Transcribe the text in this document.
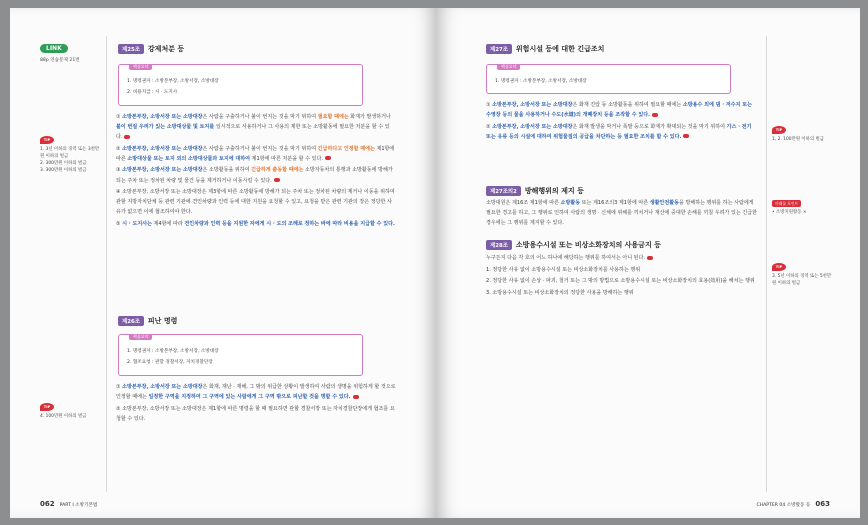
LINK
88p 연습문제 21번
TIP
1. 3년 이하의 징역 또는 3천만
원 이하의 벌금
2. 300만원 이하의 벌금
3. 300만원 이하의 벌금
TIP
4. 100만원 이하의 벌금
제25조	강제처분 등
핵심요약
1. 명령권자 : 소방본부장, 소방서장, 소방대장
2. 비용지급 : 시 · 도지사

① 소방본부장, 소방서장 또는 소방대장은 사람을 구출하거나 불이 번지는 것을 막기 위하여 필요할 때에는 화재가 발생하거나 불이 번질 우려가 있는 소방대상물 및 토지를 일시적으로 사용하거나 그 사용의 제한 또는 소방활동에 필요한 처분을 할 수 있다.

② 소방본부장, 소방서장 또는 소방대장은 사람을 구출하거나 불이 번지는 것을 막기 위하여 긴급하다고 인정할 때에는 제1항에 따른 소방대상물 또는 토지 외의 소방대상물과 토지에 대하여 제1항에 따른 처분을 할 수 있다.

③ 소방본부장, 소방서장 또는 소방대장은 소방활동을 위하여 긴급하게 출동할 때에는 소방자동차의 통행과 소방활동에 방해가 되는 주차 또는 정차된 차량 및 물건 등을 제거하거나 이동시킬 수 있다.

④ 소방본부장, 소방서장 또는 소방대장은 제3항에 따른 소방활동에 방해가 되는 주차 또는 정차된 차량의 제거나 이동을 위하여 관할 지방자치단체 등 관련 기관에 견인차량과 인력 등에 대한 지원을 요청할 수 있고, 요청을 받은 관련 기관의 장은 정당한 사유가 없으면 이에 협조하여야 한다.

⑤ 시 · 도지사는 제4항에 따라 견인차량과 인력 등을 지원한 자에게 시 · 도의 조례로 정하는 바에 따라 비용을 지급할 수 있다.

제26조	피난 명령
핵심요약
1. 명령권자 : 소방본부장, 소방서장, 소방대장
2. 협조요청 : 관할 경찰서장, 자치경찰단장

① 소방본부장, 소방서장 또는 소방대장은 화재, 재난 · 재해, 그 밖의 위급한 상황이 발생하여 사람의 생명을 위험하게 할 것으로 인정할 때에는 일정한 구역을 지정하여 그 구역에 있는 사람에게 그 구역 밖으로 피난할 것을 명할 수 있다.

② 소방본부장, 소방서장 또는 소방대장은 제1항에 따른 명령을 할 때 필요하면 관할 경찰서장 또는 자치경찰단장에게 협조를 요청할 수 있다.

062 PART Ⅰ 소방기본법
TIP
1, 2. 100만원 이하의 벌금
미래를 포인트
• 소방지원활동 ×
TIP
3. 5년 이하의 징역 또는 5천만
원 이하의 벌금
제27조	위험시설 등에 대한 긴급조치
핵심요약
1. 명령권자 : 소방본부장, 소방서장, 소방대장

① 소방본부장, 소방서장 또는 소방대장은 화재 진압 등 소방활동을 위하여 필요할 때에는 소방용수 외에 댐 · 저수지 또는 수영장 등의 물을 사용하거나 수도(水道)의 개폐장치 등을 조작할 수 있다.

② 소방본부장, 소방서장 또는 소방대장은 화재 발생을 막거나 폭발 등으로 화재가 확대되는 것을 막기 위하여 가스 · 전기 또는 유류 등의 시설에 대하여 위험물질의 공급을 차단하는 등 필요한 조치를 할 수 있다.

제27조의2	방해행위의 제지 등

소방대원은 제16조 제1항에 따른 소방활동 또는 제16조의3 제1항에 따른 생활안전활동을 방해하는 행위를 하는 사람에게 필요한 경고를 하고, 그 행위로 인하여 사람의 생명 · 신체에 위해를 끼치거나 재산에 중대한 손해를 끼칠 우려가 있는 긴급한 경우에는 그 행위를 제지할 수 있다.

제28조	소방용수시설 또는 비상소화장치의 사용금지 등

누구든지 다음 각 호의 어느 하나에 해당하는 행위를 하여서는 아니 된다.

1. 정당한 사유 없이 소방용수시설 또는 비상소화장치를 사용하는 행위

2. 정당한 사유 없이 손상 · 파괴, 철거 또는 그 밖의 방법으로 소방용수시설 또는 비상소화장치의 효용(效用)을 해치는 행위

3. 소방용수시설 또는 비상소화장치의 정당한 사용을 방해하는 행위

CHAPTER 04 소방활동 등 063
